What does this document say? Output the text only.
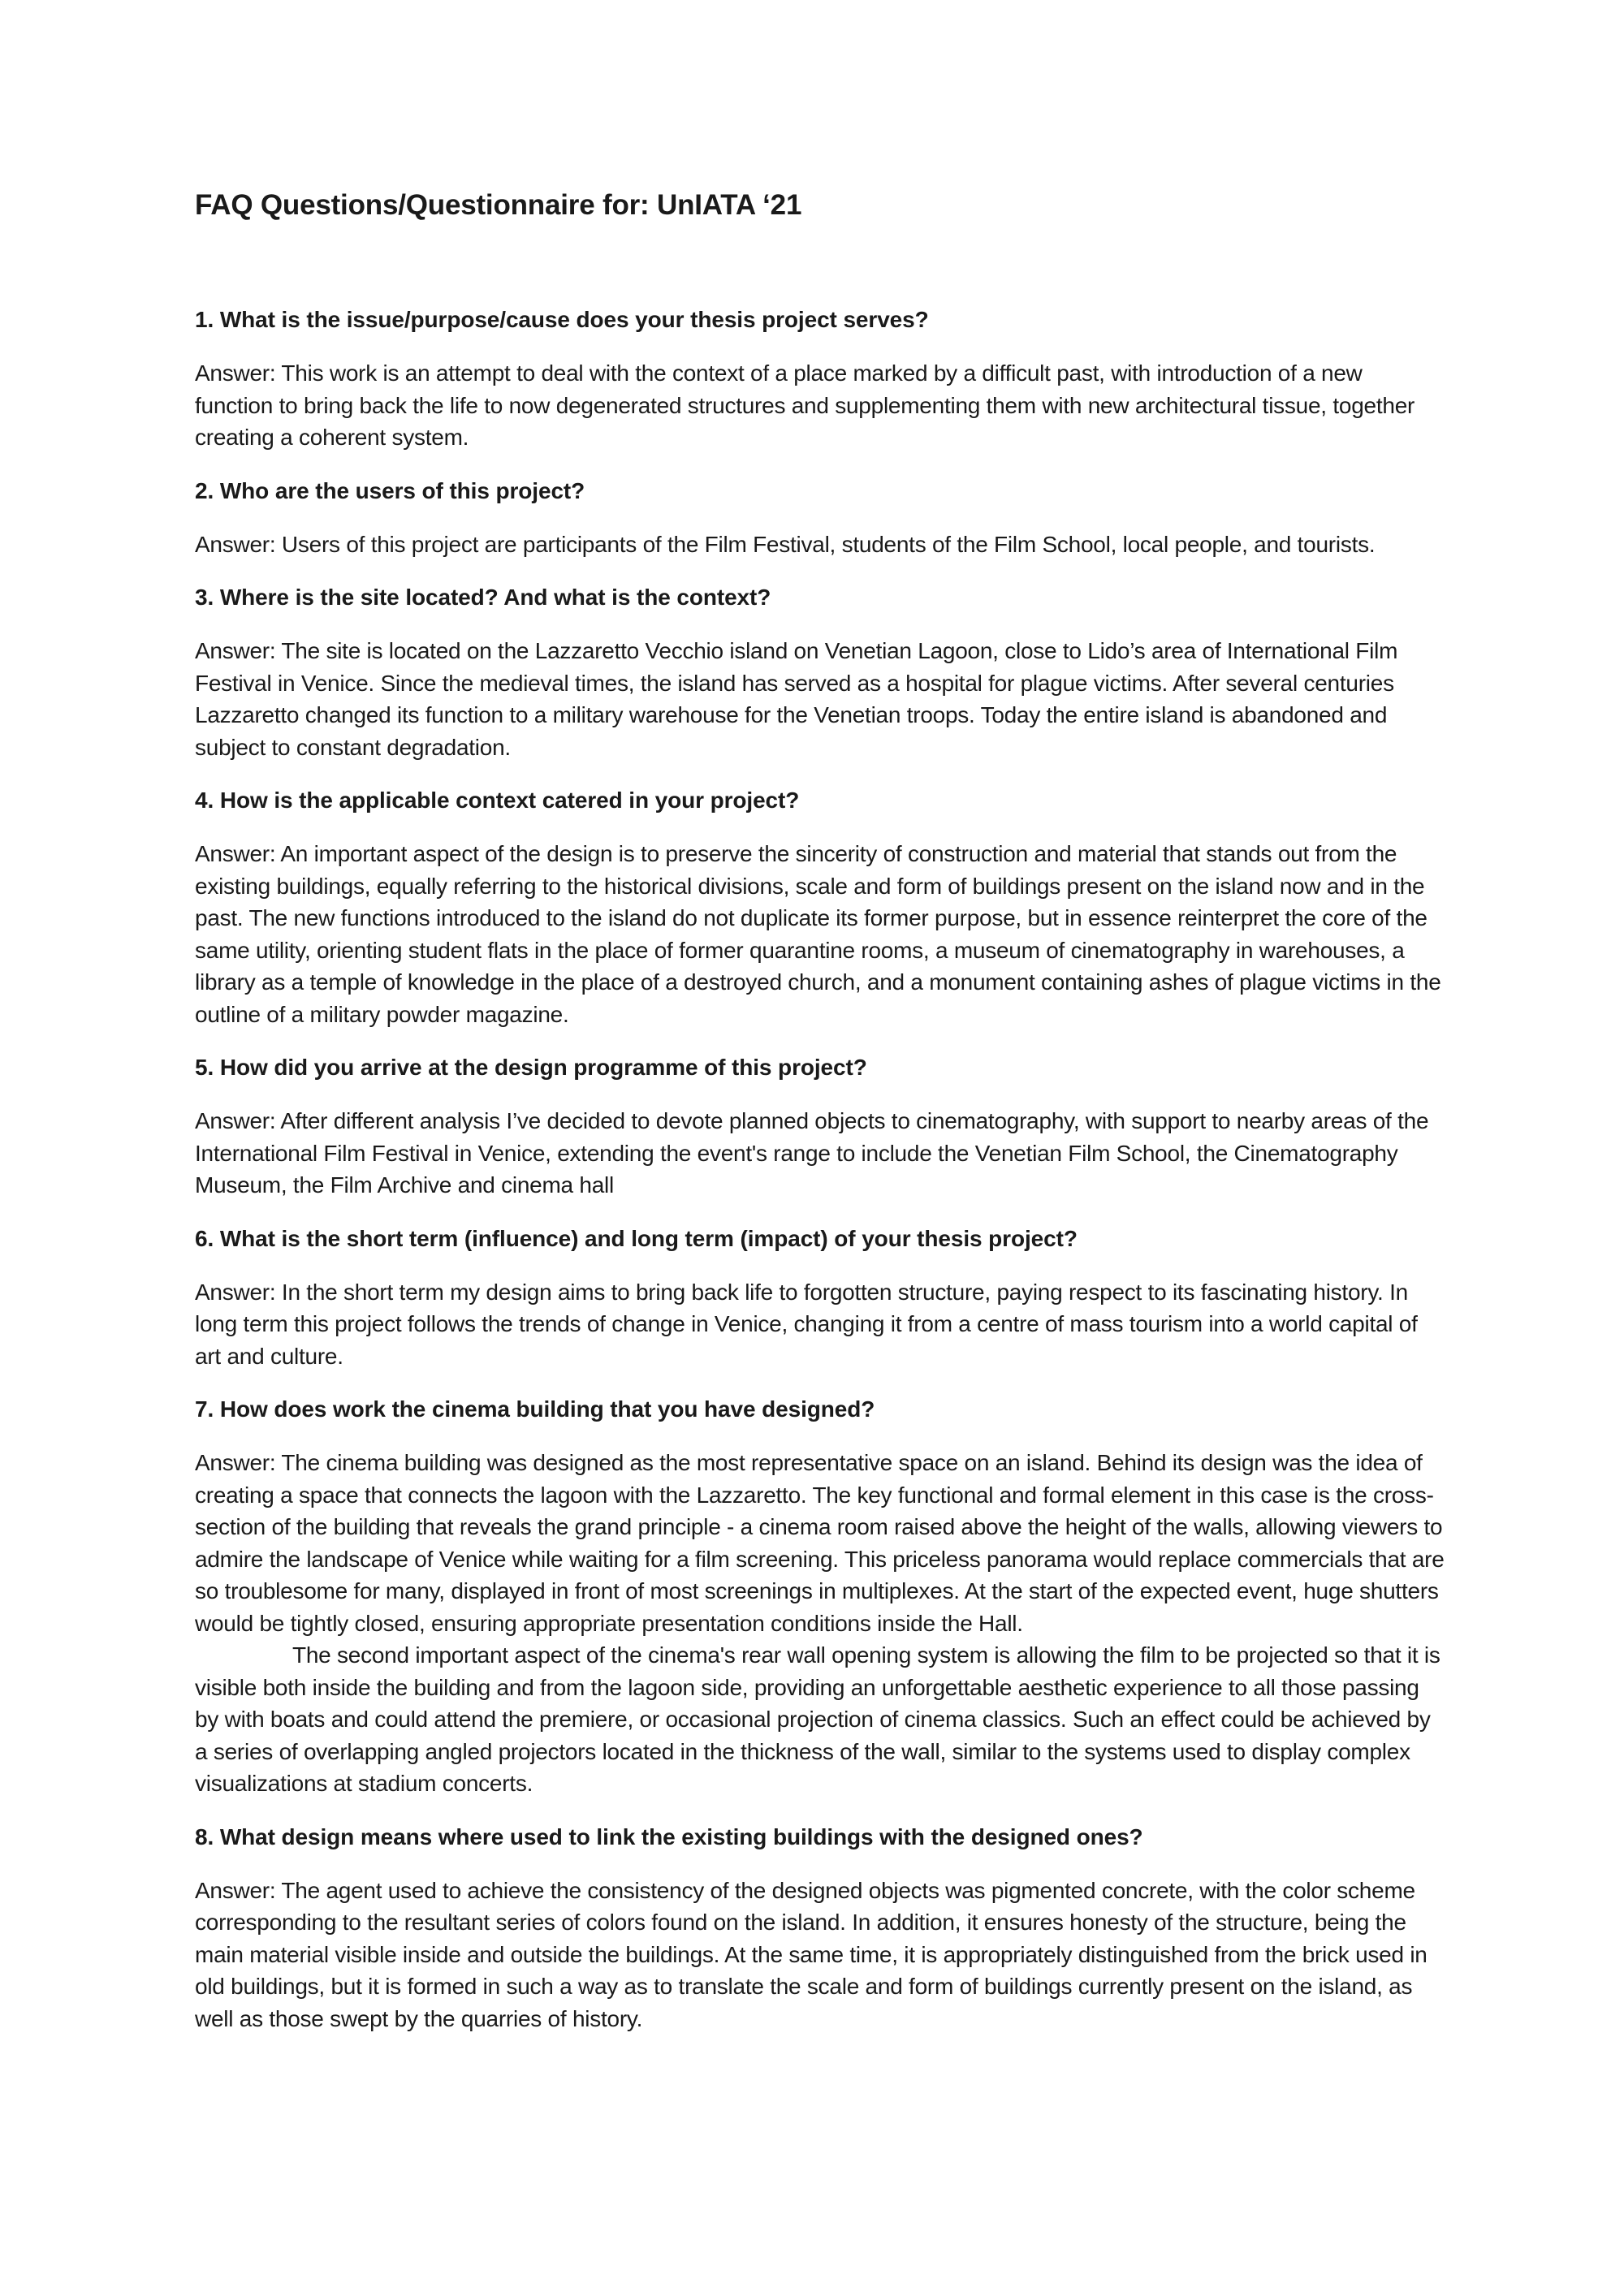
FAQ Questions/Questionnaire for: UnIATA ‘21

1. What is the issue/purpose/cause does your thesis project serves?

Answer: This work is an attempt to deal with the context of a place marked by a difficult past, with introduction of a new function to bring back the life to now degenerated structures and supplementing them with new architectural tissue, together creating a coherent system.

2. Who are the users of this project?

Answer: Users of this project are participants of the Film Festival, students of the Film School, local people, and tourists.

3. Where is the site located? And what is the context?

Answer: The site is located on the Lazzaretto Vecchio island on Venetian Lagoon, close to Lido’s area of International Film Festival in Venice. Since the medieval times, the island has served as a hospital for plague victims. After several centuries Lazzaretto changed its function to a military warehouse for the Venetian troops. Today the entire island is abandoned and subject to constant degradation.

4. How is the applicable context catered in your project?

Answer: An important aspect of the design is to preserve the sincerity of construction and material that stands out from the existing buildings, equally referring to the historical divisions, scale and form of buildings present on the island now and in the past. The new functions introduced to the island do not duplicate its former purpose, but in essence reinterpret the core of the same utility, orienting student flats in the place of former quarantine rooms, a museum of cinematography in warehouses, a library as a temple of knowledge in the place of a destroyed church, and a monument containing ashes of plague victims in the outline of a military powder magazine.

5. How did you arrive at the design programme of this project?

Answer: After different analysis I’ve decided to devote planned objects to cinematography, with support to nearby areas of the International Film Festival in Venice, extending the event's range to include the Venetian Film School, the Cinematography Museum, the Film Archive and cinema hall

6. What is the short term (influence) and long term (impact) of your thesis project?

Answer: In the short term my design aims to bring back life to forgotten structure, paying respect to its fascinating history. In long term this project follows the trends of change in Venice, changing it from a centre of mass tourism into a world capital of art and culture.

7. How does work the cinema building that you have designed?

Answer: The cinema building was designed as the most representative space on an island. Behind its design was the idea of creating a space that connects the lagoon with the Lazzaretto. The key functional and formal element in this case is the cross-section of the building that reveals the grand principle - a cinema room raised above the height of the walls, allowing viewers to admire the landscape of Venice while waiting for a film screening. This priceless panorama would replace commercials that are so troublesome for many, displayed in front of most screenings in multiplexes. At the start of the expected event, huge shutters would be tightly closed, ensuring appropriate presentation conditions inside the Hall.
The second important aspect of the cinema's rear wall opening system is allowing the film to be projected so that it is visible both inside the building and from the lagoon side, providing an unforgettable aesthetic experience to all those passing by with boats and could attend the premiere, or occasional projection of cinema classics. Such an effect could be achieved by a series of overlapping angled projectors located in the thickness of the wall, similar to the systems used to display complex visualizations at stadium concerts.

8. What design means where used to link the existing buildings with the designed ones?

Answer: The agent used to achieve the consistency of the designed objects was pigmented concrete, with the color scheme corresponding to the resultant series of colors found on the island. In addition, it ensures honesty of the structure, being the main material visible inside and outside the buildings. At the same time, it is appropriately distinguished from the brick used in old buildings, but it is formed in such a way as to translate the scale and form of buildings currently present on the island, as well as those swept by the quarries of history.
